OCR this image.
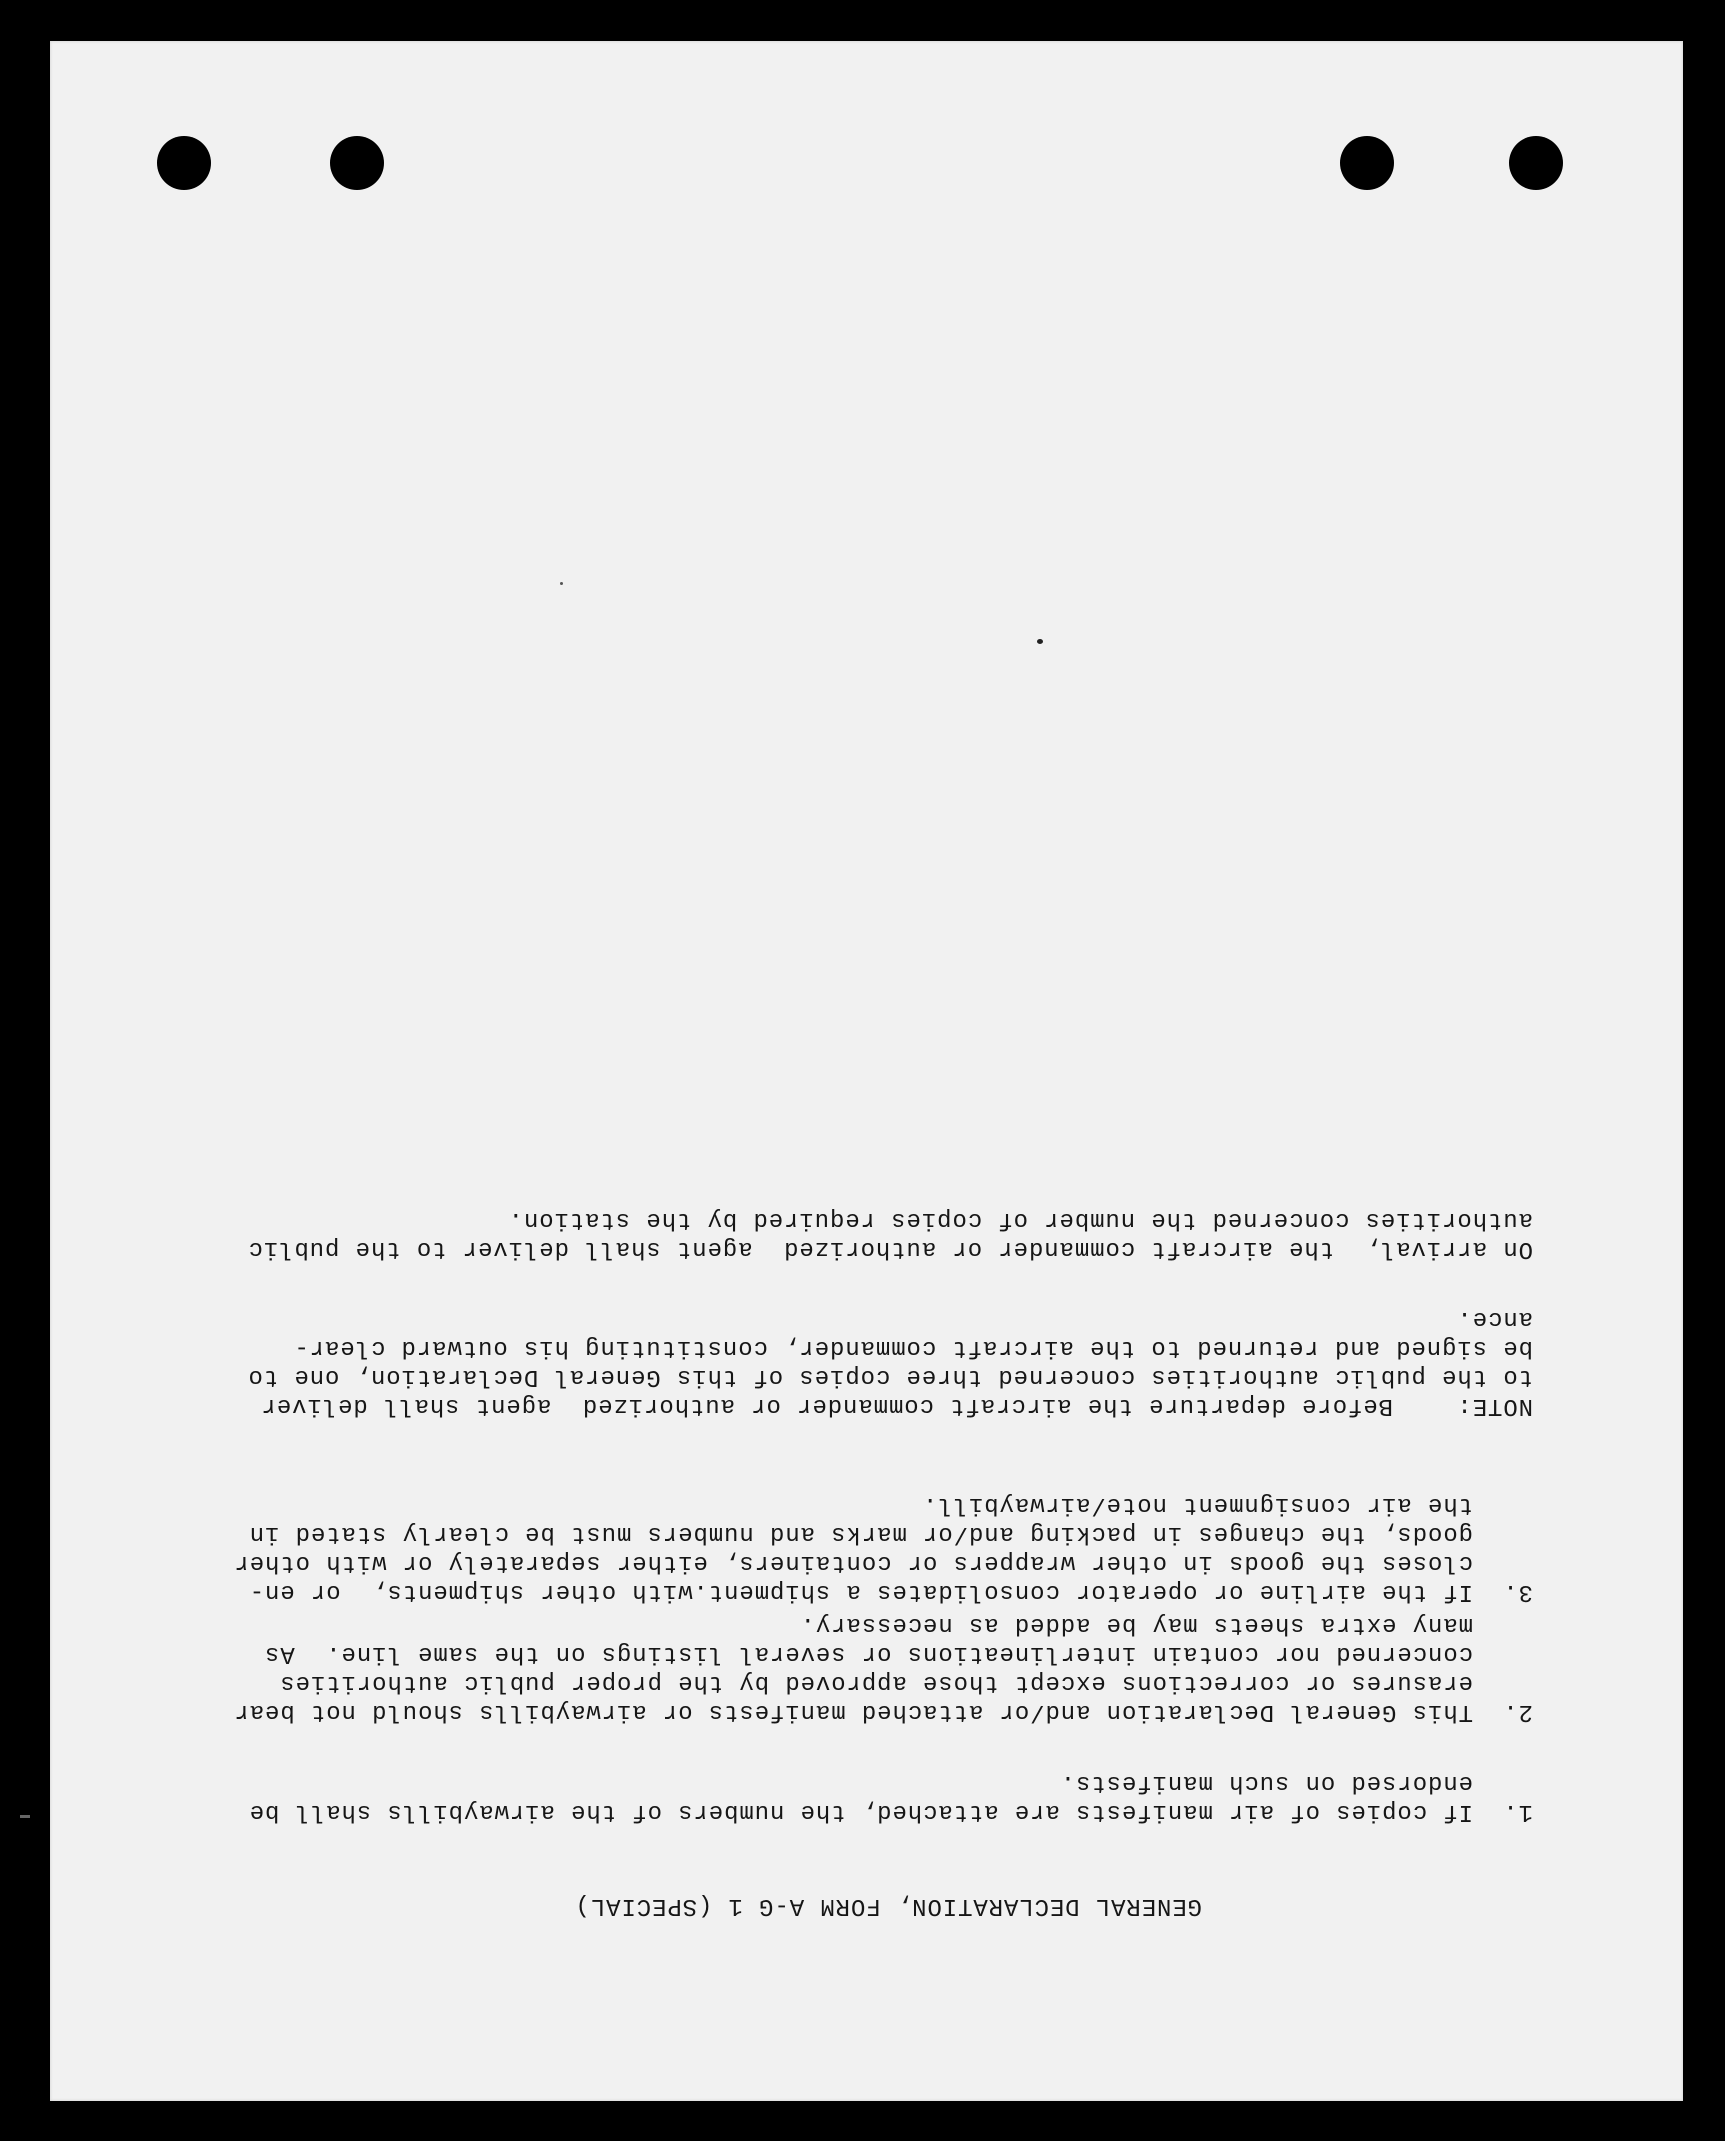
GENERAL DECLARATION, FORM A-G 1 (SPECIAL)
1.
If copies of air manifests are attached, the numbers of the airwaybills shall be
endorsed on such manifests.
2.
This General Declaration and/or attached manifests or airwaybills should not bear
erasures or corrections except those approved by the proper public authorities
concerned nor contain interlineations or several listings on the same line.  As
many extra sheets may be added as necessary.
3.
If the airline or operator consolidates a shipment.with other shipments,  or en-
closes the goods in other wrappers or containers, either separately or with other
goods, the changes in packing and/or marks and numbers must be clearly stated in
the air consignment note/airwaybill.
NOTE:
Before departure the aircraft commander or authorized  agent shall deliver
to the public authorities concerned three copies of this General Declaration, one to
be signed and returned to the aircraft commander, constituting his outward clear-
ance.
On arrival,  the aircraft commander or authorized  agent shall deliver to the public
authorities concerned the number of copies required by the station.
